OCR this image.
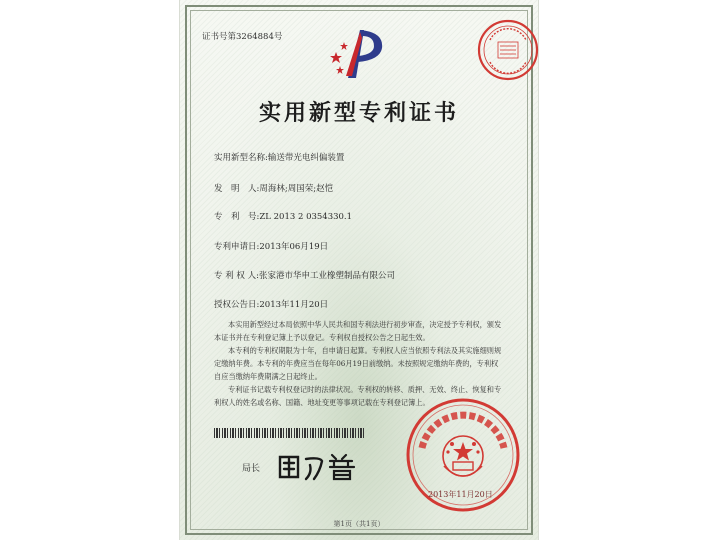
证书号第3264884号
实用新型专利证书
实用新型名称:输送带光电纠偏装置
发　明　人:周海林;周国荣;赵恺
专　利　号:ZL 2013 2 0354330.1
专利申请日:2013年06月19日
专 利 权 人:张家港市华申工业橡塑制品有限公司
授权公告日:2013年11月20日

本实用新型经过本局依照中华人民共和国专利法进行初步审查，决定授予专利权，颁发本证书并在专利登记簿上予以登记。专利权自授权公告之日起生效。

本专利的专利权期限为十年，自申请日起算。专利权人应当依照专利法及其实施细则规定缴纳年费。本专利的年费应当在每年06月19日前缴纳。未按照规定缴纳年费的，专利权自应当缴纳年费期满之日起终止。

专利证书记载专利权登记时的法律状况。专利权的转移、质押、无效、终止、恢复和专利权人的姓名或名称、国籍、地址变更等事项记载在专利登记簿上。

局长
2013年11月20日
第1页（共1页）
